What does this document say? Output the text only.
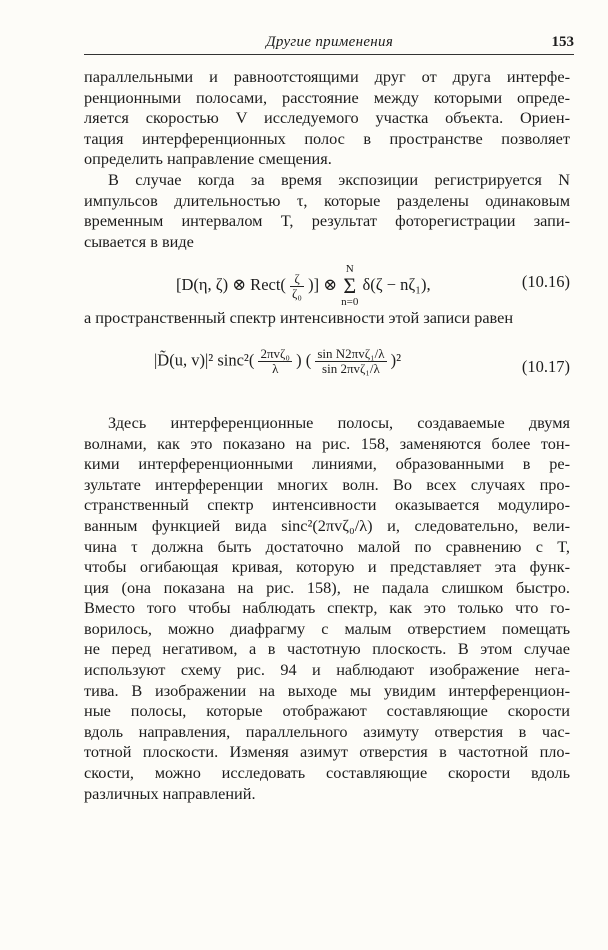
Другие применения	153
параллельными и равноотстоящими друг от друга интерфе-
ренционными полосами, расстояние между которыми опреде-
ляется скоростью V исследуемого участка объекта. Ориен-
тация интерференционных полос в пространстве позволяет
определить направление смещения.
В случае когда за время экспозиции регистрируется N
импульсов длительностью τ, которые разделены одинаковым
временным интервалом T, результат фоторегистрации запи-
сывается в виде
[D(η, ζ) ⊗ Rect( $\frac{\zeta}{\text{ζ₀}}$ )] ⊗ N
Σ
n=0 δ(ζ − nζ₁),	(10.16)
а пространственный спектр интенсивности этой записи равен
|D̃(u, v)|² $\sin c^2( \frac{\text{2πvζ₀}}{\lambda}$ ) ( $\frac{\text{sin N2πvζ₁/λ}}{\text{sin 2πvζ₁/λ}} )^2$	(10.17)
Здесь интерференционные полосы, создаваемые двумя
волнами, как это показано на рис. 158, заменяются более тон-
кими интерференционными линиями, образованными в ре-
зультате интерференции многих волн. Во всех случаях про-
странственный спектр интенсивности оказывается модулиро-
ванным функцией вида sinc²(2πvζ₀/λ) и, следовательно, вели-
чина τ должна быть достаточно малой по сравнению с T,
чтобы огибающая кривая, которую и представляет эта функ-
ция (она показана на рис. 158), не падала слишком быстро.
Вместо того чтобы наблюдать спектр, как это только что го-
ворилось, можно диафрагму с малым отверстием помещать
не перед негативом, а в частотную плоскость. В этом случае
используют схему рис. 94 и наблюдают изображение нега-
тива. В изображении на выходе мы увидим интерференцион-
ные полосы, которые отображают составляющие скорости
вдоль направления, параллельного азимуту отверстия в час-
тотной плоскости. Изменяя азимут отверстия в частотной пло-
скости, можно исследовать составляющие скорости вдоль
различных направлений.
